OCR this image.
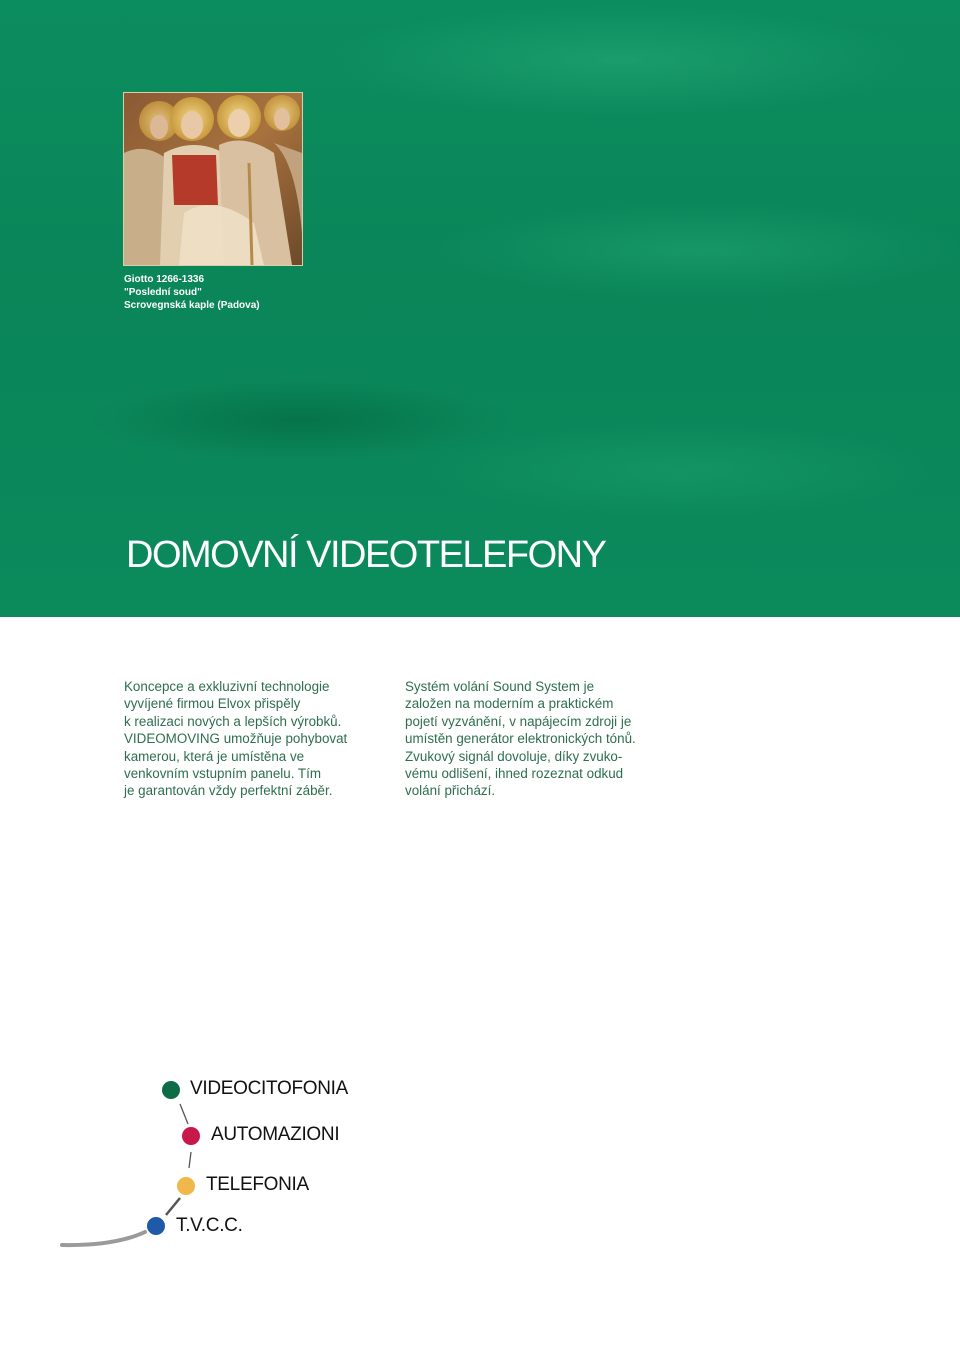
Giotto 1266-1336
"Poslední soud"
Scrovegnská kaple (Padova)
DOMOVNÍ VIDEOTELEFONY
Koncepce a exkluzivní technologie
vyvíjené firmou Elvox přispěly
k realizaci nových a lepších výrobků.
VIDEOMOVING umožňuje pohybovat
kamerou, která je umístěna ve
venkovním vstupním panelu. Tím
je garantován vždy perfektní záběr.
Systém volání Sound System je
založen na moderním a praktickém
pojetí vyzvánění, v napájecím zdroji je
umístěn generátor elektronických tónů.
Zvukový signál dovoluje, díky zvuko-
vému odlišení, ihned rozeznat odkud
volání přichází.
VIDEOCITOFONIA
AUTOMAZIONI
TELEFONIA
T.V.C.C.
